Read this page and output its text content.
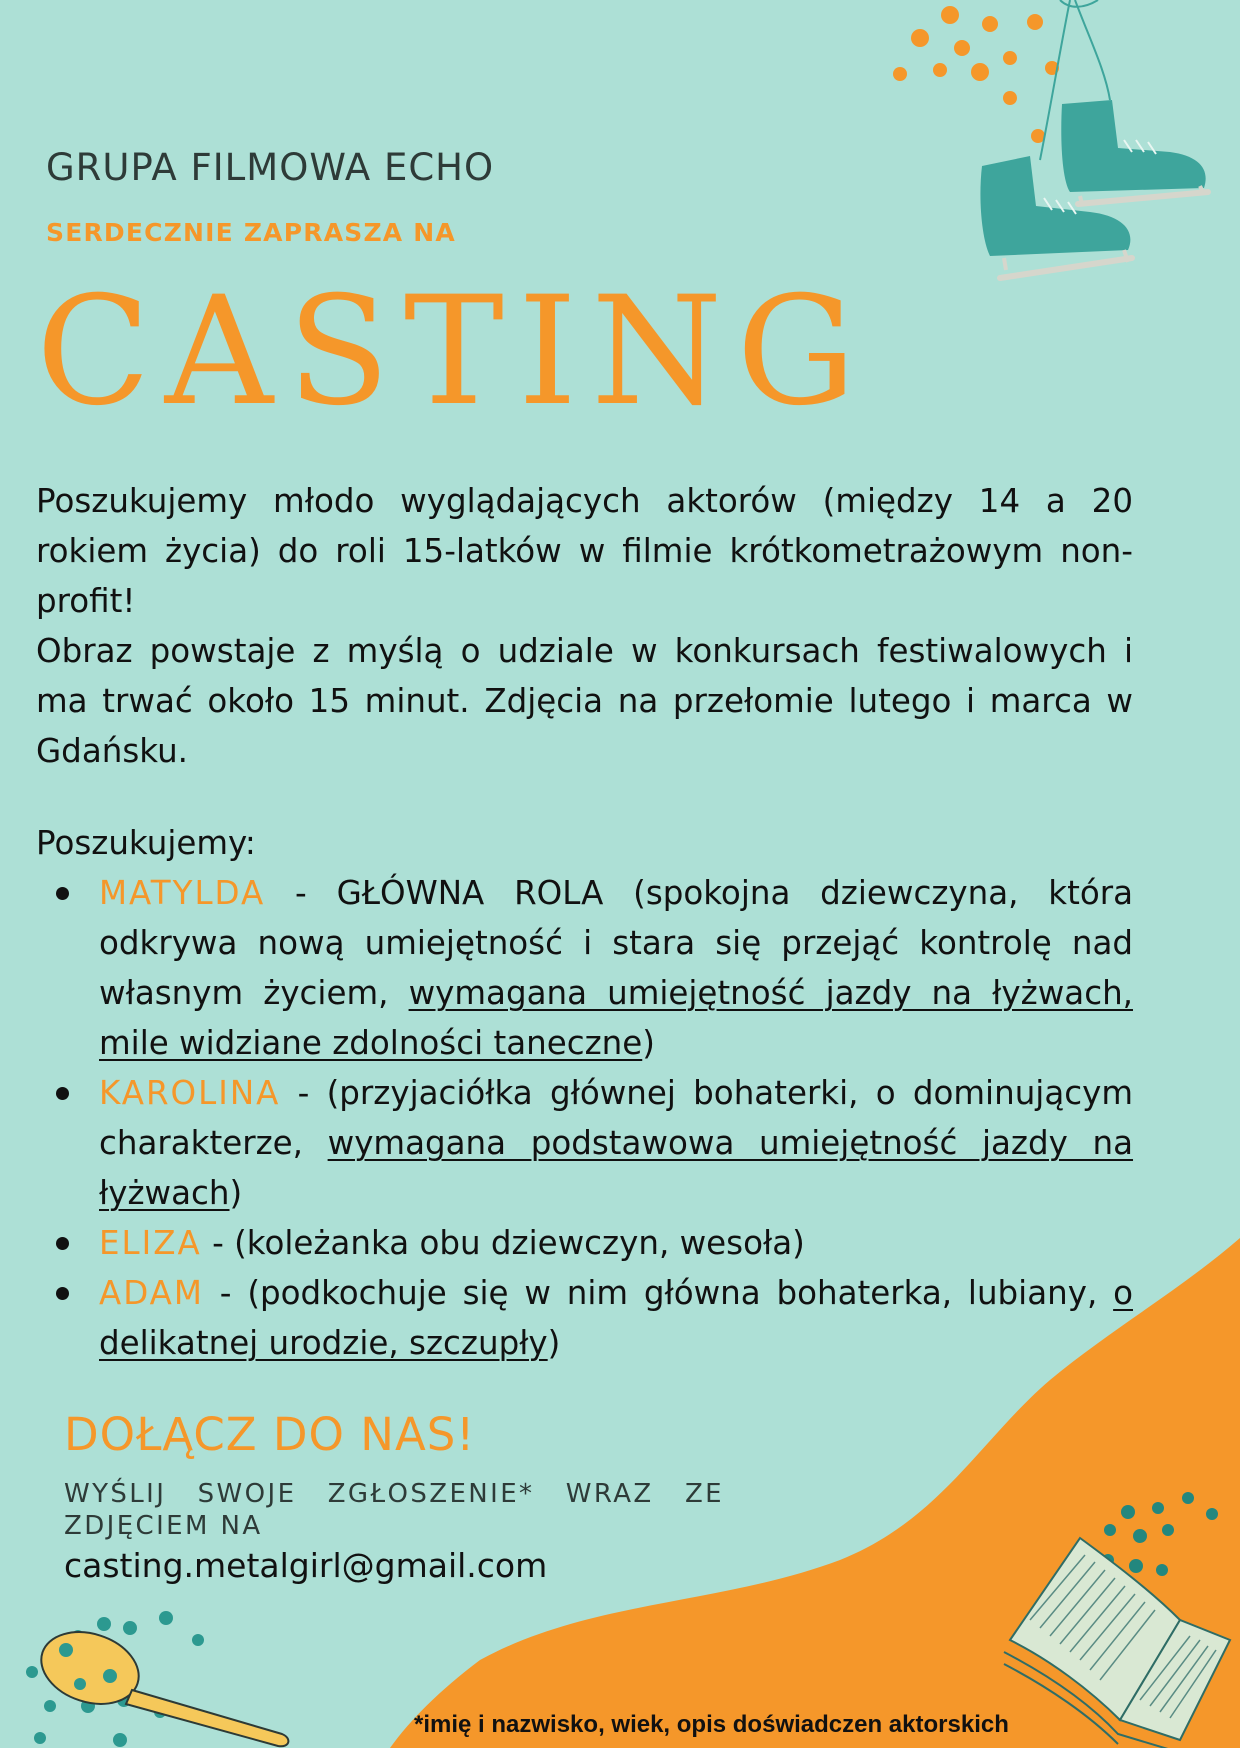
GRUPA FILMOWA ECHO
SERDECZNIE ZAPRASZA NA
CASTING

Poszukujemy młodo wyglądających aktorów (między 14 a 20 rokiem życia) do roli 15-latków w filmie krótkometrażowym non-profit!

Obraz powstaje z myślą o udziale w konkursach festiwalowych i ma trwać około 15 minut. Zdjęcia na przełomie lutego i marca w Gdańsku.

Poszukujemy:

MATYLDA - GŁÓWNA ROLA (spokojna dziewczyna, która odkrywa nową umiejętność i stara się przejąć kontrolę nad własnym życiem, wymagana umiejętność jazdy na łyżwach, mile widziane zdolności taneczne)
KAROLINA - (przyjaciółka głównej bohaterki, o dominującym charakterze, wymagana podstawowa umiejętność jazdy na łyżwach)
ELIZA - (koleżanka obu dziewczyn, wesoła)
ADAM - (podkochuje się w nim główna bohaterka, lubiany, o delikatnej urodzie, szczupły)
DOŁĄCZ DO NAS!

WYŚLIJ SWOJE ZGŁOSZENIE* WRAZ ZE ZDJĘCIEM NA

casting.metalgirl@gmail.com

*imię i nazwisko, wiek, opis doświadczen aktorskich
